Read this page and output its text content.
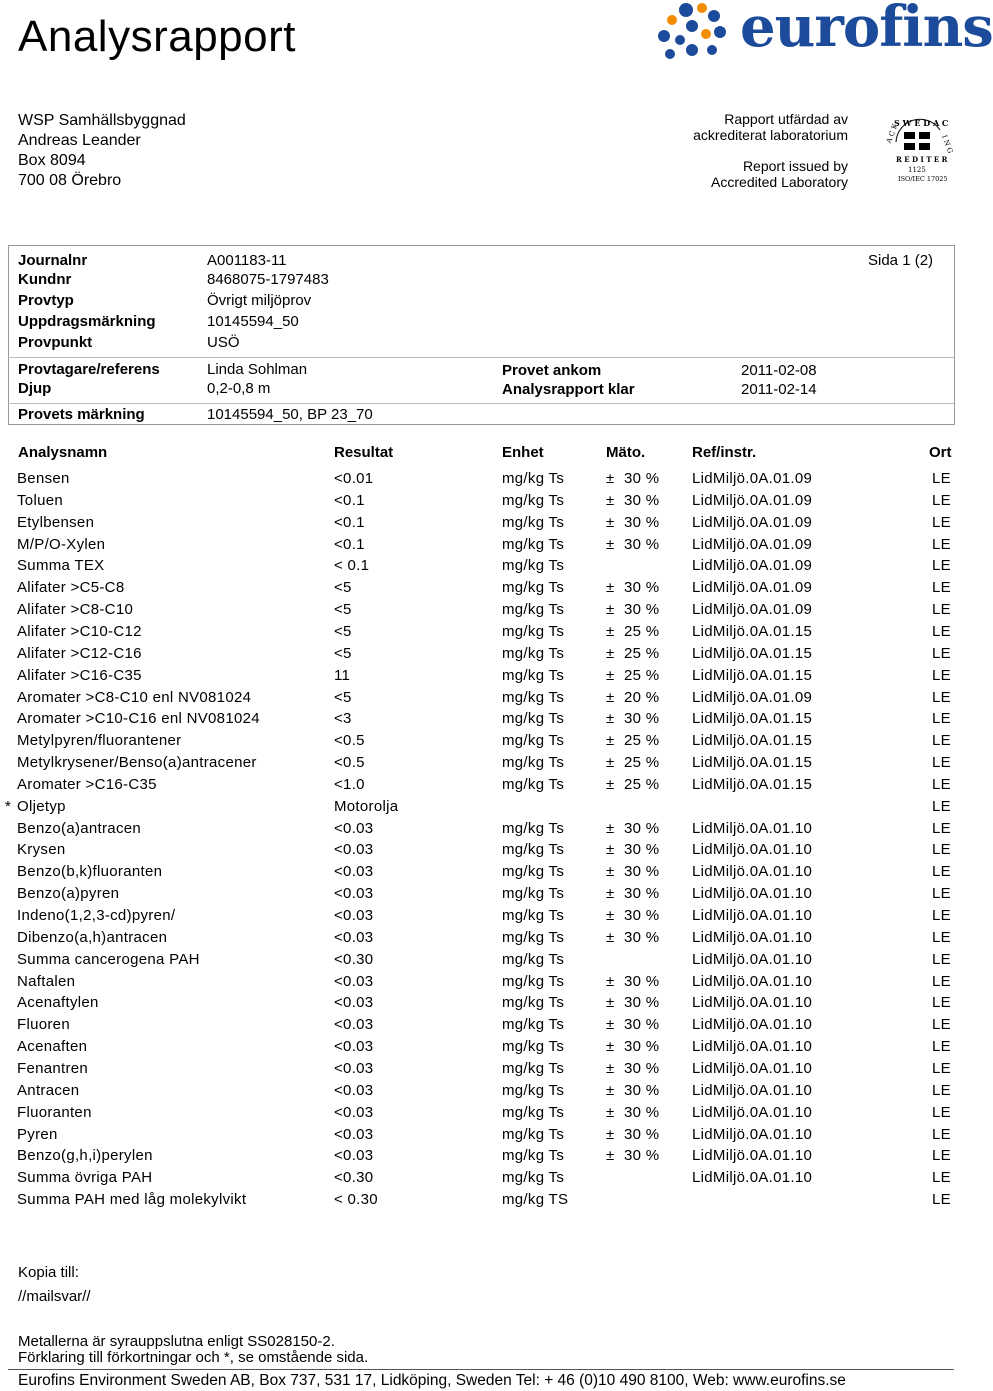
Analysrapport	eurofins
WSP Samhällsbyggnad
Andreas Leander
Box 8094
700 08 Örebro
Rapport utfärdad av
ackrediterat laboratorium
Report issued by
Accredited Laboratory
S W E D A C
A C K
R E D I T E R
I N G
1125
ISO/IEC 17025
Sida 1 (2)
Journalnr	A001183-11
Kundnr	8468075-1797483
Provtyp	Övrigt miljöprov
Uppdragsmärkning	10145594_50
Provpunkt	USÖ
Provtagare/referens	Linda Sohlman
Djup	0,2-0,8 m
Provet ankom	2011-02-08
Analysrapport klar	2011-02-14
Provets märkning	10145594_50, BP 23_70
Analysnamn	Resultat	Enhet	Mäto.	Ref/instr.	Ort
Bensen	<0.01	mg/kg Ts	± 30 % LidMiljö.0A.01.09	LE
Toluen	<0.1	mg/kg Ts	± 30 % LidMiljö.0A.01.09	LE
Etylbensen	<0.1	mg/kg Ts	± 30 % LidMiljö.0A.01.09	LE
M/P/O-Xylen	<0.1	mg/kg Ts	± 30 % LidMiljö.0A.01.09	LE
Summa TEX	< 0.1	mg/kg Ts	LidMiljö.0A.01.09	LE
Alifater >C5-C8	<5	mg/kg Ts	± 30 % LidMiljö.0A.01.09	LE
Alifater >C8-C10	<5	mg/kg Ts	± 30 % LidMiljö.0A.01.09	LE
Alifater >C10-C12	<5	mg/kg Ts	± 25 % LidMiljö.0A.01.15	LE
Alifater >C12-C16	<5	mg/kg Ts	± 25 % LidMiljö.0A.01.15	LE
Alifater >C16-C35	11	mg/kg Ts	± 25 % LidMiljö.0A.01.15	LE
Aromater >C8-C10 enl NV081024	<5	mg/kg Ts	± 20 % LidMiljö.0A.01.09	LE
Aromater >C10-C16 enl NV081024	<3	mg/kg Ts	± 30 % LidMiljö.0A.01.15	LE
Metylpyren/fluorantener	<0.5	mg/kg Ts	± 25 % LidMiljö.0A.01.15	LE
Metylkrysener/Benso(a)antracener	<0.5	mg/kg Ts	± 25 % LidMiljö.0A.01.15	LE
Aromater >C16-C35	<1.0	mg/kg Ts	± 25 % LidMiljö.0A.01.15	LE
* Oljetyp	Motorolja	LE
Benzo(a)antracen	<0.03	mg/kg Ts	± 30 % LidMiljö.0A.01.10	LE
Krysen	<0.03	mg/kg Ts	± 30 % LidMiljö.0A.01.10	LE
Benzo(b,k)fluoranten	<0.03	mg/kg Ts	± 30 % LidMiljö.0A.01.10	LE
Benzo(a)pyren	<0.03	mg/kg Ts	± 30 % LidMiljö.0A.01.10	LE
Indeno(1,2,3-cd)pyren/	<0.03	mg/kg Ts	± 30 % LidMiljö.0A.01.10	LE
Dibenzo(a,h)antracen	<0.03	mg/kg Ts	± 30 % LidMiljö.0A.01.10	LE
Summa cancerogena PAH	<0.30	mg/kg Ts	LidMiljö.0A.01.10	LE
Naftalen	<0.03	mg/kg Ts	± 30 % LidMiljö.0A.01.10	LE
Acenaftylen	<0.03	mg/kg Ts	± 30 % LidMiljö.0A.01.10	LE
Fluoren	<0.03	mg/kg Ts	± 30 % LidMiljö.0A.01.10	LE
Acenaften	<0.03	mg/kg Ts	± 30 % LidMiljö.0A.01.10	LE
Fenantren	<0.03	mg/kg Ts	± 30 % LidMiljö.0A.01.10	LE
Antracen	<0.03	mg/kg Ts	± 30 % LidMiljö.0A.01.10	LE
Fluoranten	<0.03	mg/kg Ts	± 30 % LidMiljö.0A.01.10	LE
Pyren	<0.03	mg/kg Ts	± 30 % LidMiljö.0A.01.10	LE
Benzo(g,h,i)perylen	<0.03	mg/kg Ts	± 30 % LidMiljö.0A.01.10	LE
Summa övriga PAH	<0.30	mg/kg Ts	LidMiljö.0A.01.10	LE
Summa PAH med låg molekylvikt	< 0.30	mg/kg TS	LE
Kopia till:
//mailsvar//
Metallerna är syrauppslutna enligt SS028150-2.
Förklaring till förkortningar och *, se omstående sida.
Eurofins Environment Sweden AB, Box 737, 531 17, Lidköping, Sweden Tel: + 46 (0)10 490 8100, Web: www.eurofins.se
